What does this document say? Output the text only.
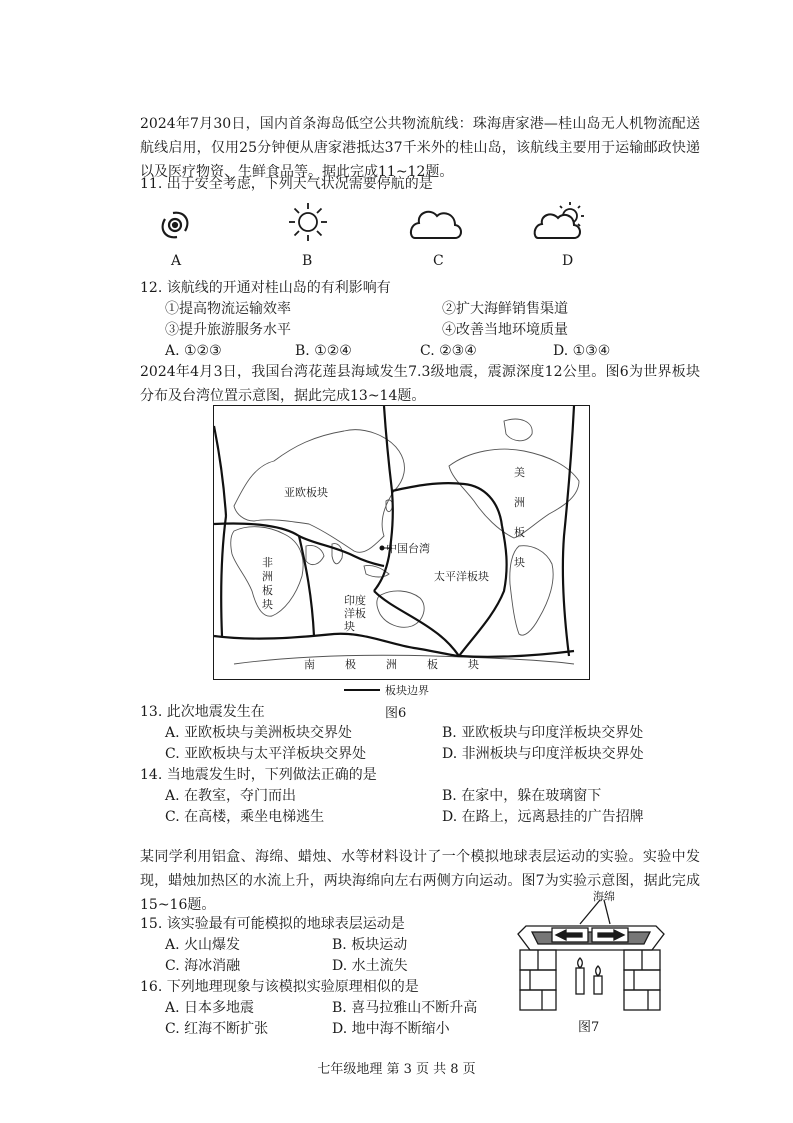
2024年7月30日，国内首条海岛低空公共物流航线：珠海唐家港—桂山岛无人机物流配送航线启用，仅用25分钟便从唐家港抵达37千米外的桂山岛，该航线主要用于运输邮政快递以及医疗物资、生鲜食品等。据此完成11~12题。
11. 出于安全考虑，下列天气状况需要停航的是
A	B	C	D
12. 该航线的开通对桂山岛的有利影响有
①提高物流运输效率	②扩大海鲜销售渠道
③提升旅游服务水平	④改善当地环境质量
A. ①②③	B. ①②④	C. ②③④	D. ①③④
2024年4月3日，我国台湾花莲县海域发生7.3级地震，震源深度12公里。图6为世界板块分布及台湾位置示意图，据此完成13~14题。
亚欧板块
中国台湾
太平洋板块
印度洋板块
非洲板块
美洲板块
南极洲板块
板块边界
图6
13. 此次地震发生在
A. 亚欧板块与美洲板块交界处	B. 亚欧板块与印度洋板块交界处
C. 亚欧板块与太平洋板块交界处	D. 非洲板块与印度洋板块交界处
14. 当地震发生时，下列做法正确的是
A. 在教室，夺门而出	B. 在家中，躲在玻璃窗下
C. 在高楼，乘坐电梯逃生	D. 在路上，远离悬挂的广告招牌
某同学利用铝盒、海绵、蜡烛、水等材料设计了一个模拟地球表层运动的实验。实验中发现，蜡烛加热区的水流上升，两块海绵向左右两侧方向运动。图7为实验示意图，据此完成15~16题。
15. 该实验最有可能模拟的地球表层运动是
A. 火山爆发	B. 板块运动
C. 海冰消融	D. 水土流失
16. 下列地理现象与该模拟实验原理相似的是
A. 日本多地震	B. 喜马拉雅山不断升高
C. 红海不断扩张	D. 地中海不断缩小
海绵
图7
七年级地理 第 3 页 共 8 页
